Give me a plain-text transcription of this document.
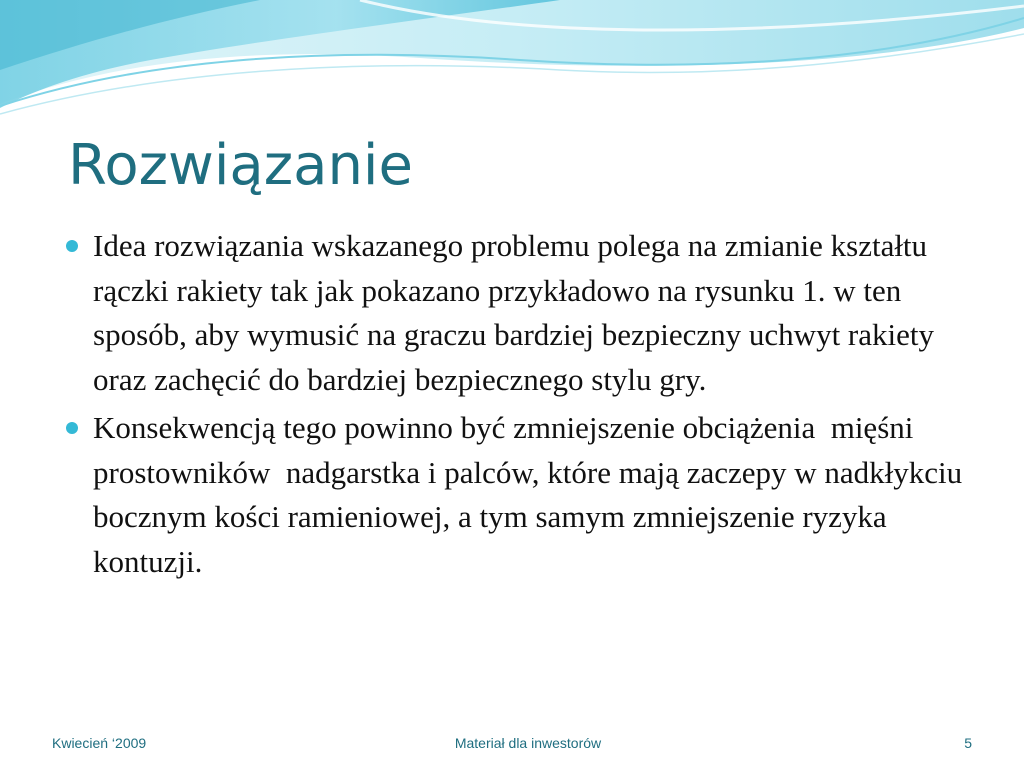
Rozwiązanie
Idea rozwiązania wskazanego problemu polega na zmianie kształtu rączki rakiety tak jak pokazano przykładowo na rysunku 1. w ten sposób, aby wymusić na graczu bardziej bezpieczny uchwyt rakiety oraz zachęcić do bardziej bezpiecznego stylu gry.
Konsekwencją tego powinno być zmniejszenie obciążenia  mięśni prostowników  nadgarstka i palców, które mają zaczepy w nadkłykciu bocznym kości ramieniowej, a tym samym zmniejszenie ryzyka kontuzji.
Kwiecień ‘2009	Materiał dla inwestorów	5
